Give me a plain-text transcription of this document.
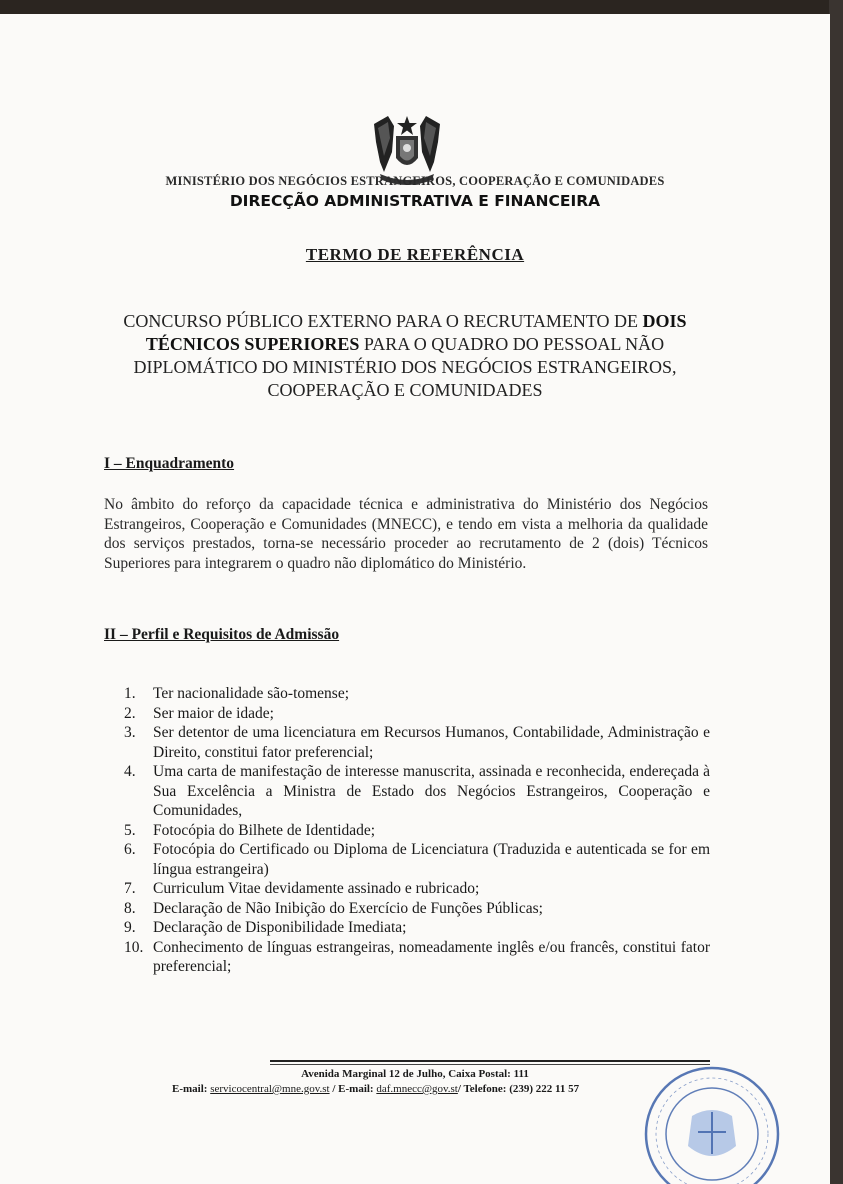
MINISTÉRIO DOS NEGÓCIOS ESTRANGEIROS, COOPERAÇÃO E COMUNIDADES
DIRECÇÃO ADMINISTRATIVA E FINANCEIRA
TERMO DE REFERÊNCIA
CONCURSO PÚBLICO EXTERNO PARA O RECRUTAMENTO DE DOIS TÉCNICOS SUPERIORES PARA O QUADRO DO PESSOAL NÃO DIPLOMÁTICO DO MINISTÉRIO DOS NEGÓCIOS ESTRANGEIROS, COOPERAÇÃO E COMUNIDADES
I – Enquadramento
No âmbito do reforço da capacidade técnica e administrativa do Ministério dos Negócios Estrangeiros, Cooperação e Comunidades (MNECC), e tendo em vista a melhoria da qualidade dos serviços prestados, torna-se necessário proceder ao recrutamento de 2 (dois) Técnicos Superiores para integrarem o quadro não diplomático do Ministério.
II – Perfil e Requisitos de Admissão
1. Ter nacionalidade são-tomense;
2. Ser maior de idade;
3. Ser detentor de uma licenciatura em Recursos Humanos, Contabilidade, Administração e Direito, constitui fator preferencial;
4. Uma carta de manifestação de interesse manuscrita, assinada e reconhecida, endereçada à Sua Excelência a Ministra de Estado dos Negócios Estrangeiros, Cooperação e Comunidades,
5. Fotocópia do Bilhete de Identidade;
6. Fotocópia do Certificado ou Diploma de Licenciatura (Traduzida e autenticada se for em língua estrangeira)
7. Curriculum Vitae devidamente assinado e rubricado;
8. Declaração de Não Inibição do Exercício de Funções Públicas;
9. Declaração de Disponibilidade Imediata;
10. Conhecimento de línguas estrangeiras, nomeadamente inglês e/ou francês, constitui fator preferencial;
Avenida Marginal 12 de Julho, Caixa Postal: 111
E-mail: servicocentral@mne.gov.st / E-mail: daf.mnecc@gov.st/ Telefone: (239) 222 11 57
